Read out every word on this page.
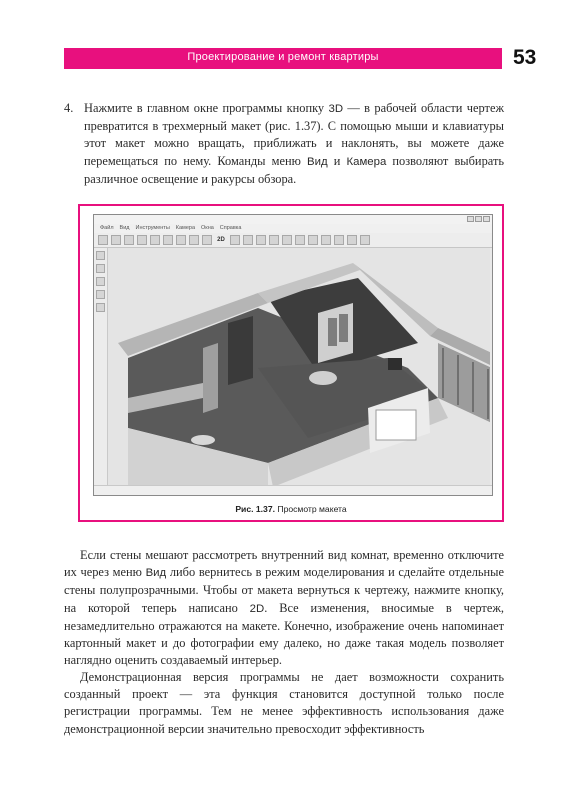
Проектирование и ремонт квартиры	53
4. Нажмите в главном окне программы кнопку 3D — в рабочей области чертеж превратится в трехмерный макет (рис. 1.37). С помощью мыши и клавиатуры этот макет можно вращать, приближать и наклонять, вы можете даже перемещаться по нему. Команды меню Вид и Камера позволяют выбирать различное освещение и ракурсы обзора.
Файл Вид Инструменты Камера Окна Справка
2D
Рис. 1.37. Просмотр макета

Если стены мешают рассмотреть внутренний вид комнат, временно отключите их через меню Вид либо вернитесь в режим моделирования и сделайте отдельные стены полупрозрачными. Чтобы от макета вернуться к чертежу, нажмите кнопку, на которой теперь написано 2D. Все изменения, вносимые в чертеж, незамедлительно отражаются на макете. Конечно, изображение очень напоминает картонный макет и до фотографии ему далеко, но даже такая модель позволяет наглядно оценить создаваемый интерьер.

Демонстрационная версия программы не дает возможности сохранить созданный проект — эта функция становится доступной только после регистрации программы. Тем не менее эффективность использования даже демонстрационной версии значительно превосходит эффективность
